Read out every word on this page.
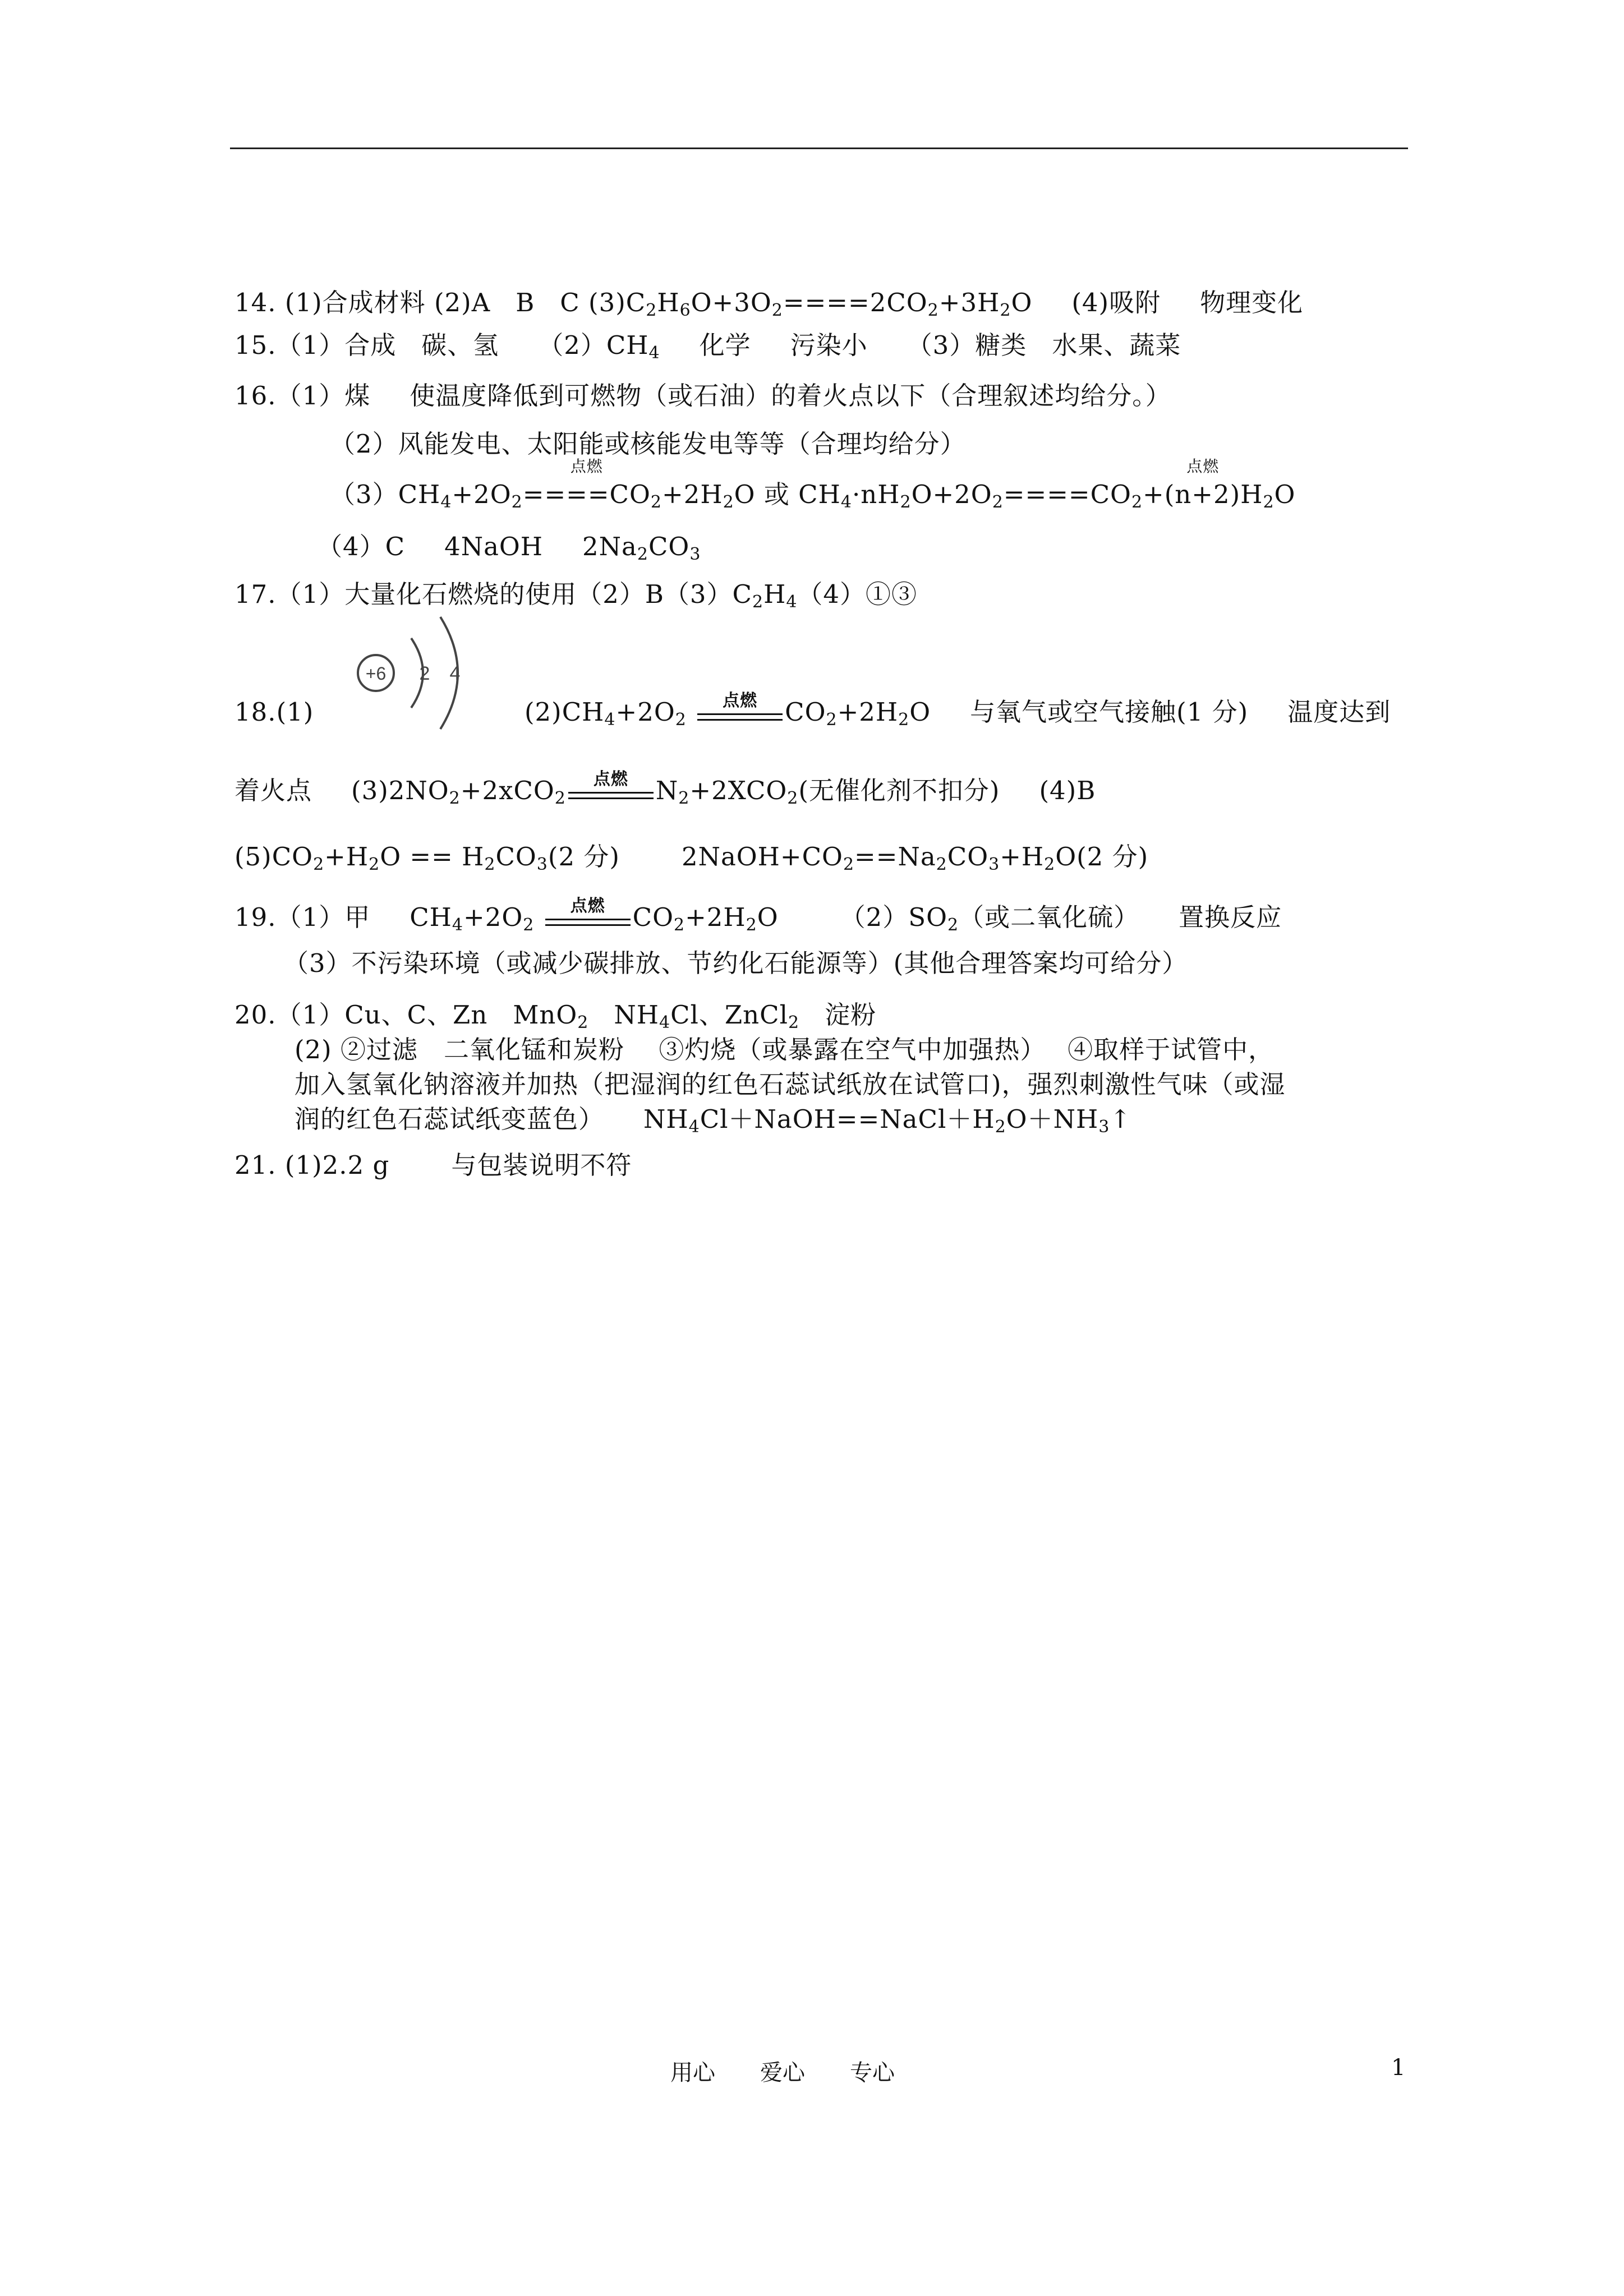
14. (1)合成材料 (2)A B C $(3)C_2H_6O+3O_2====2CO_2+3H_2O$ (4)吸附 物理变化
15.（1）合成 碳、氢 $(2)CH_4$ 化学 污染小 （3）糖类 水果、蔬菜
16.（1）煤 使温度降低到可燃物（或石油）的着火点以下（合理叙述均给分。）
（2）风能发电、太阳能或核能发电等等（合理均给分）
$(3)CH_4+2O_2$
点燃
$====CO_2+2H_2O$ 或 $CH_4\cdot nH_2O+2O_2====CO_2$
点燃
$+(n+2)H_2O$
（4）C 4NaOH $2Na_2CO_3$
17.（1）大量化石燃烧的使用$(2)B(3)C_2H_4(4)①③$
+6 2 4
18.(1)	$(2)CH_4+2O_2$
点燃	$CO_2+2H_2O$ 与氧气或空气接触(1 分) 温度达到
着火点 $(3)2NO_2+2xCO_2$
点燃	$N_2+2XCO_2$(无催化剂不扣分) (4)B
$(5)CO_2+H_2O == H_2CO_3(2$ 分) $2NaOH+CO_2==Na_2CO_3+H_2O(2$ 分)
19.（1）甲 $CH_4+2O_2$
点燃	$CO_2+2H_2O$ $(2)SO_2$（或二氧化硫） 置换反应
（3）不污染环境（或减少碳排放、节约化石能源等）(其他合理答案均可给分）
20.（1）Cu、C、Zn MnO$_2$ $NH_4Cl$、ZnCl$_2$ 淀粉
(2) ②过滤　二氧化锰和炭粉　 ③灼烧（或暴露在空气中加强热）　 ④取样于试管中，
加入氢氧化钠溶液并加热（把湿润的红色石蕊试纸放在试管口)，强烈刺激性气味（或湿
润的红色石蕊试纸变蓝色） $NH_4Cl+NaOH==NaCl+H_2O+NH_3↑$
21. (1)2.2 g 与包装说明不符
用心　　爱心　　专心	1
